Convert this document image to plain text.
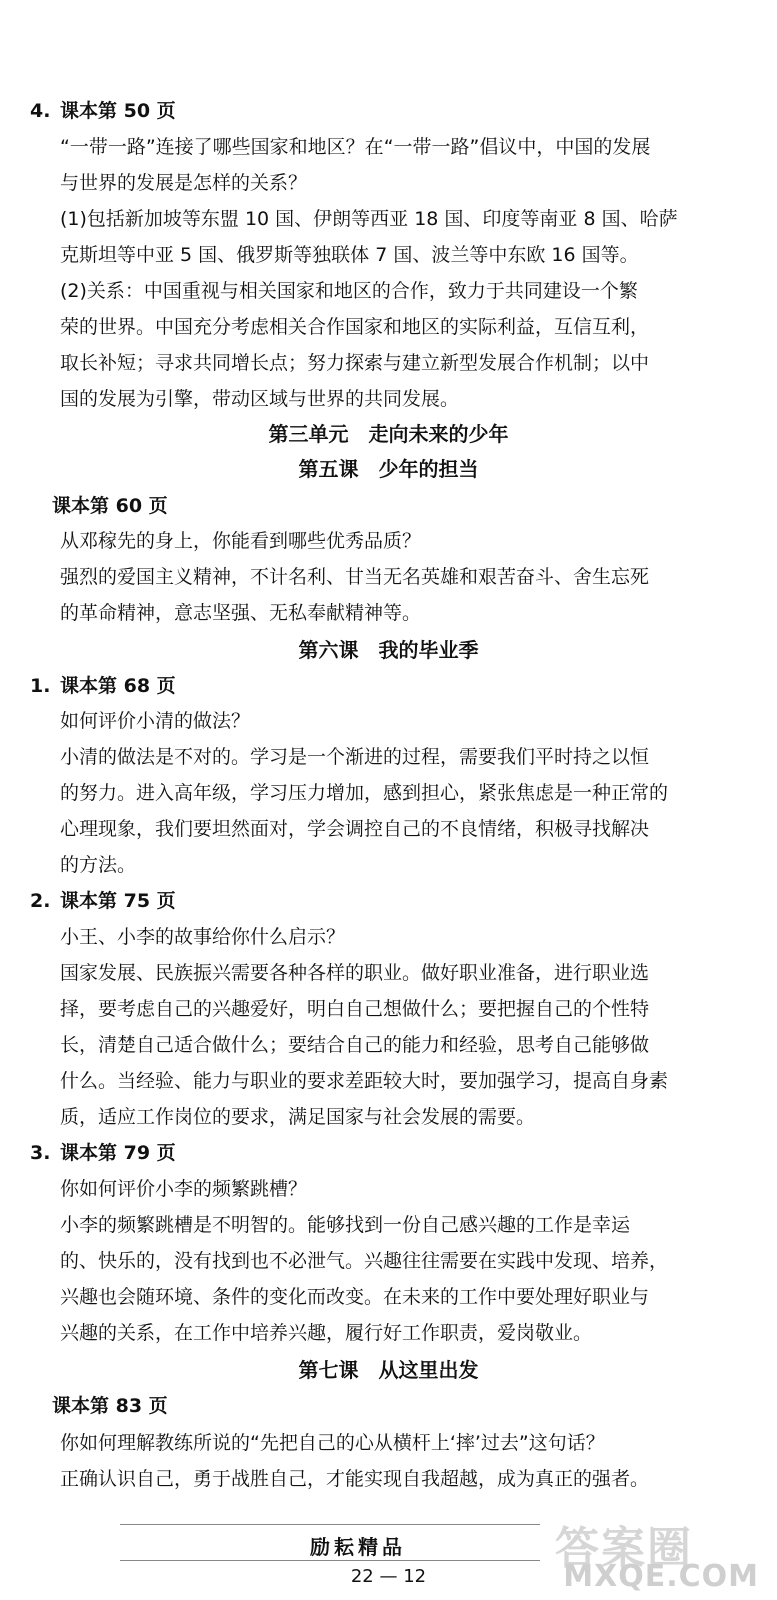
4. 课本第 50 页
“一带一路”连接了哪些国家和地区？在“一带一路”倡议中，中国的发展
与世界的发展是怎样的关系？
(1)包括新加坡等东盟 10 国、伊朗等西亚 18 国、印度等南亚 8 国、哈萨
克斯坦等中亚 5 国、俄罗斯等独联体 7 国、波兰等中东欧 16 国等。
(2)关系：中国重视与相关国家和地区的合作，致力于共同建设一个繁
荣的世界。中国充分考虑相关合作国家和地区的实际利益，互信互利，
取长补短；寻求共同增长点；努力探索与建立新型发展合作机制；以中
国的发展为引擎，带动区域与世界的共同发展。
第三单元　走向未来的少年
第五课　少年的担当
课本第 60 页
从邓稼先的身上，你能看到哪些优秀品质？
强烈的爱国主义精神，不计名利、甘当无名英雄和艰苦奋斗、舍生忘死
的革命精神，意志坚强、无私奉献精神等。
第六课　我的毕业季
1. 课本第 68 页
如何评价小清的做法？
小清的做法是不对的。学习是一个渐进的过程，需要我们平时持之以恒
的努力。进入高年级，学习压力增加，感到担心，紧张焦虑是一种正常的
心理现象，我们要坦然面对，学会调控自己的不良情绪，积极寻找解决
的方法。
2. 课本第 75 页
小王、小李的故事给你什么启示？
国家发展、民族振兴需要各种各样的职业。做好职业准备，进行职业选
择，要考虑自己的兴趣爱好，明白自己想做什么；要把握自己的个性特
长，清楚自己适合做什么；要结合自己的能力和经验，思考自己能够做
什么。当经验、能力与职业的要求差距较大时，要加强学习，提高自身素
质，适应工作岗位的要求，满足国家与社会发展的需要。
3. 课本第 79 页
你如何评价小李的频繁跳槽？
小李的频繁跳槽是不明智的。能够找到一份自己感兴趣的工作是幸运
的、快乐的，没有找到也不必泄气。兴趣往往需要在实践中发现、培养，
兴趣也会随环境、条件的变化而改变。在未来的工作中要处理好职业与
兴趣的关系，在工作中培养兴趣，履行好工作职责，爱岗敬业。
第七课　从这里出发
课本第 83 页
你如何理解教练所说的“先把自己的心从横杆上‘摔’过去”这句话？
正确认识自己，勇于战胜自己，才能实现自我超越，成为真正的强者。
励耘精品
22 — 12
答案圈
MXQE.COM
